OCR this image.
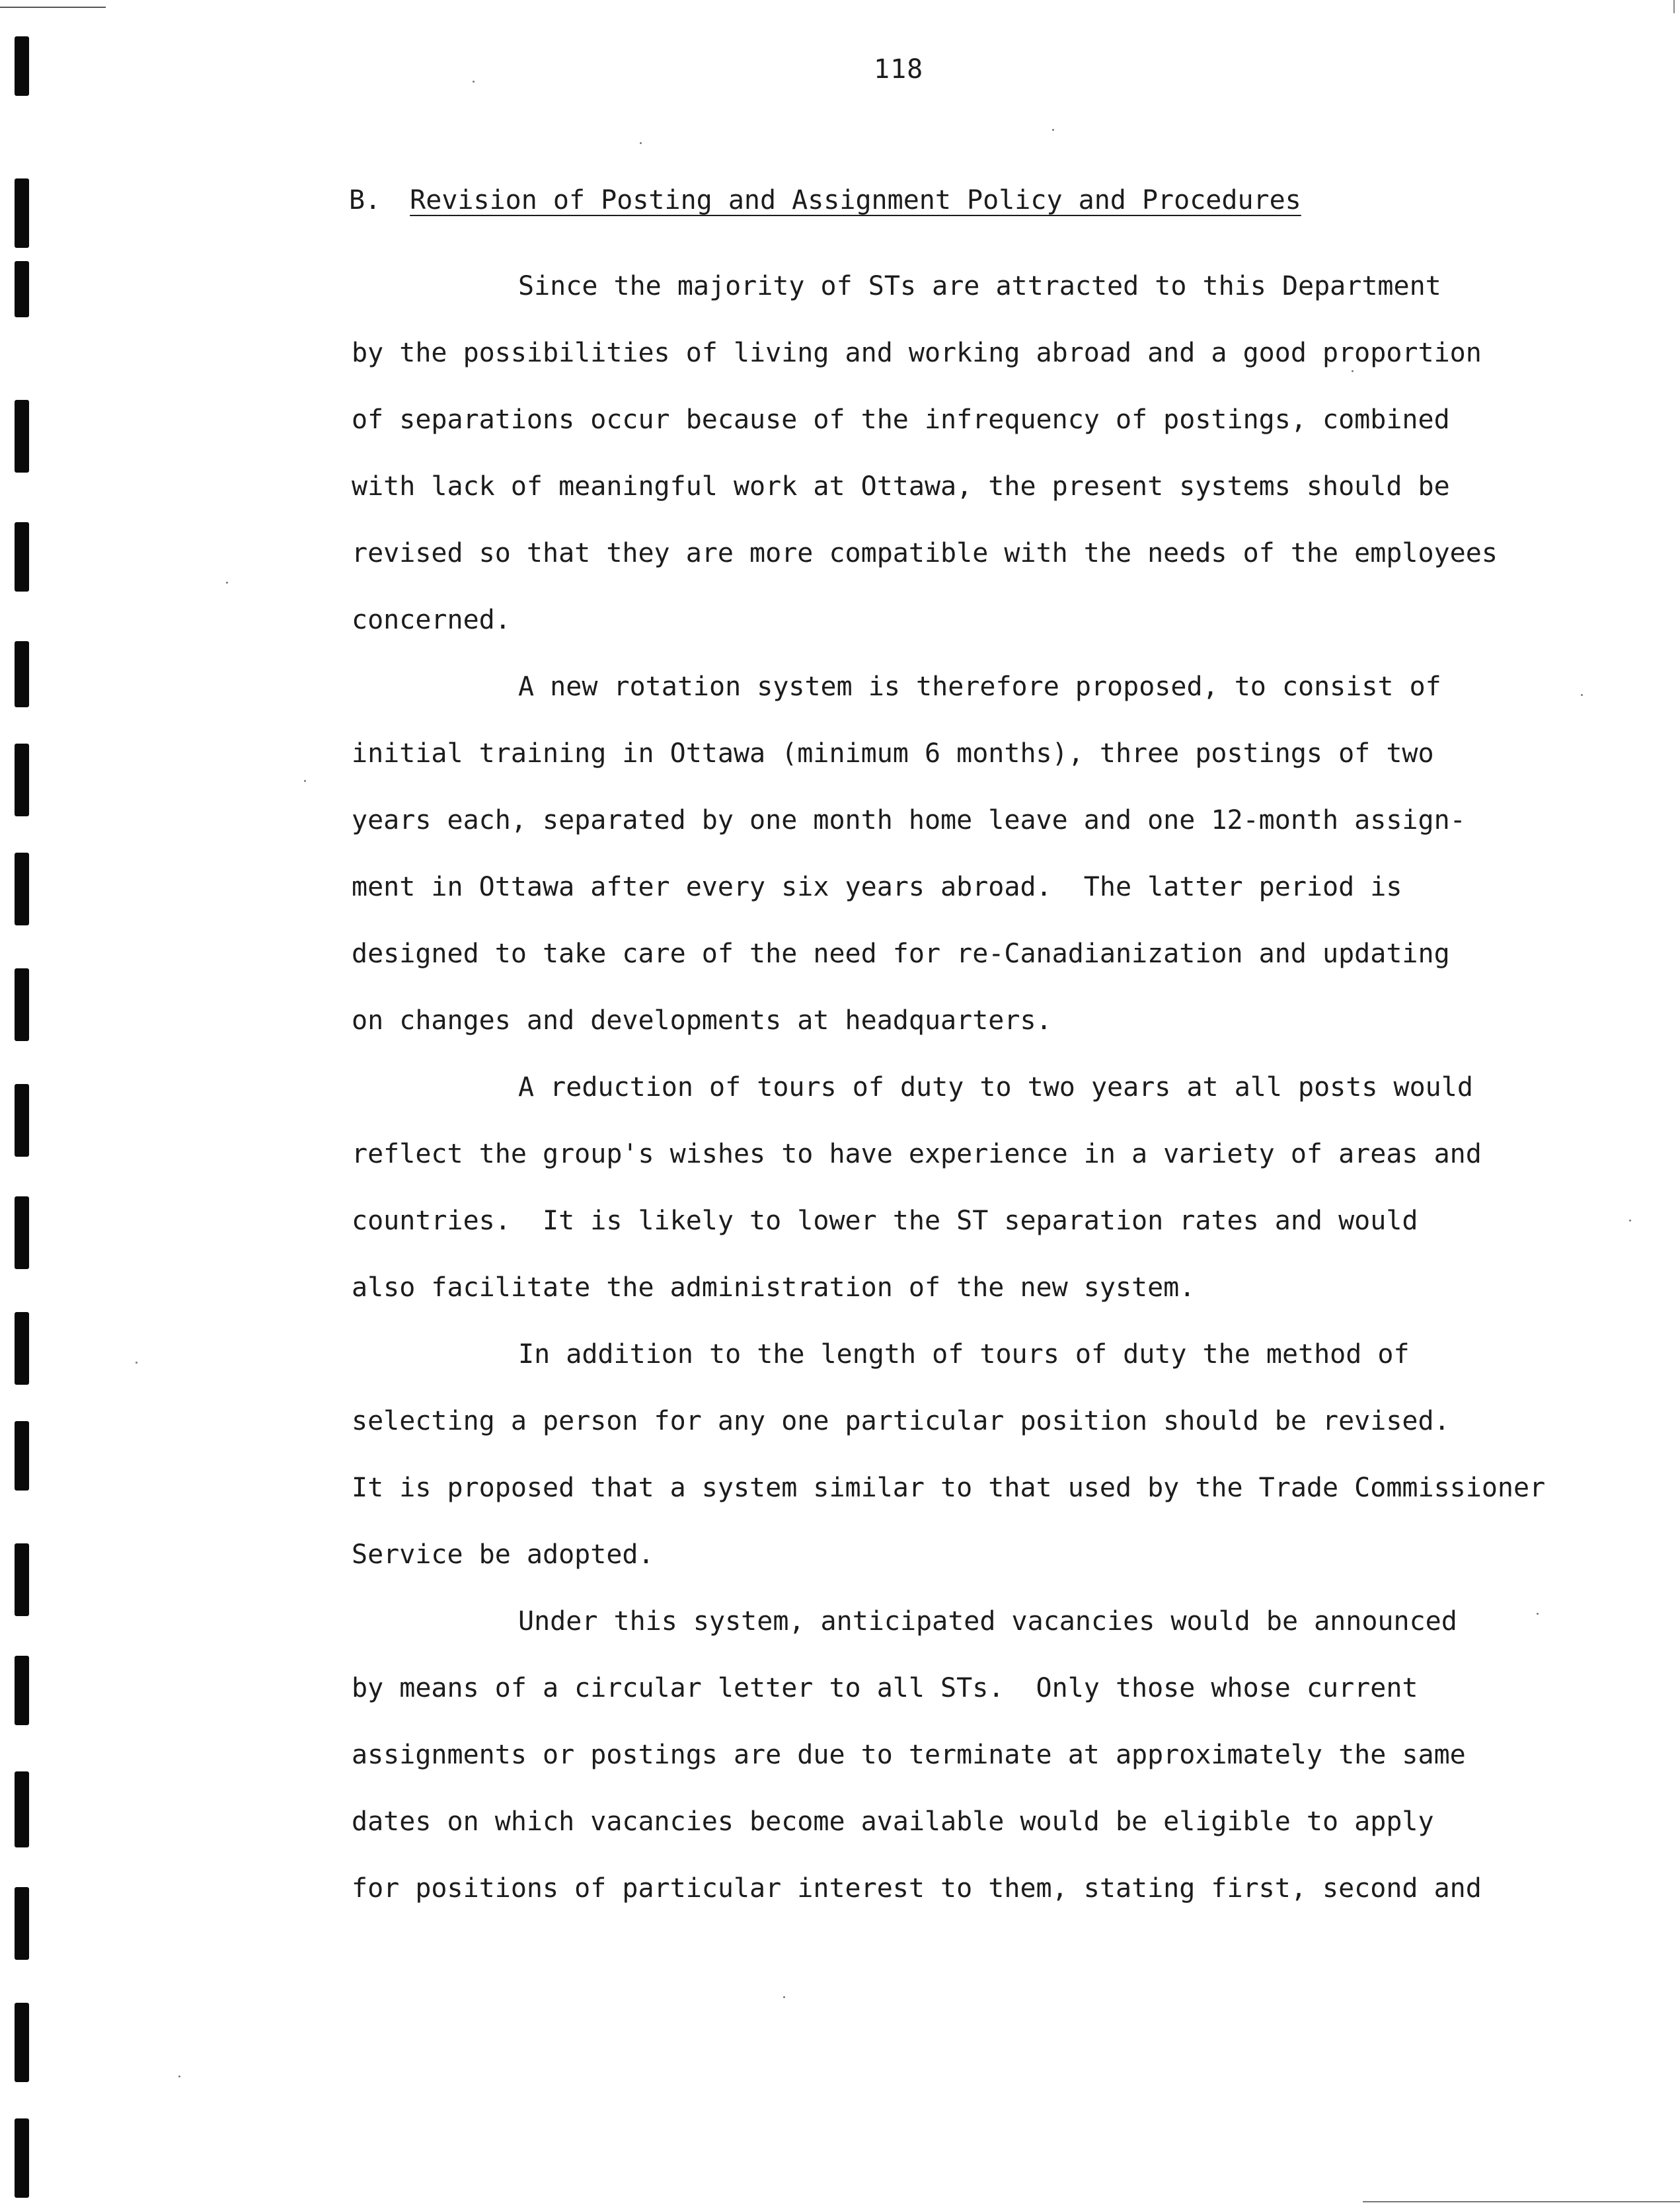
118
B. Revision of Posting and Assignment Policy and Procedures
Since the majority of STs are attracted to this Department
by the possibilities of living and working abroad and a good proportion
of separations occur because of the infrequency of postings, combined
with lack of meaningful work at Ottawa, the present systems should be
revised so that they are more compatible with the needs of the employees
concerned.
A new rotation system is therefore proposed, to consist of
initial training in Ottawa (minimum 6 months), three postings of two
years each, separated by one month home leave and one 12-month assign-
ment in Ottawa after every six years abroad.  The latter period is
designed to take care of the need for re-Canadianization and updating
on changes and developments at headquarters.
A reduction of tours of duty to two years at all posts would
reflect the group's wishes to have experience in a variety of areas and
countries.  It is likely to lower the ST separation rates and would
also facilitate the administration of the new system.
In addition to the length of tours of duty the method of
selecting a person for any one particular position should be revised.
It is proposed that a system similar to that used by the Trade Commissioner
Service be adopted.
Under this system, anticipated vacancies would be announced
by means of a circular letter to all STs.  Only those whose current
assignments or postings are due to terminate at approximately the same
dates on which vacancies become available would be eligible to apply
for positions of particular interest to them, stating first, second and
